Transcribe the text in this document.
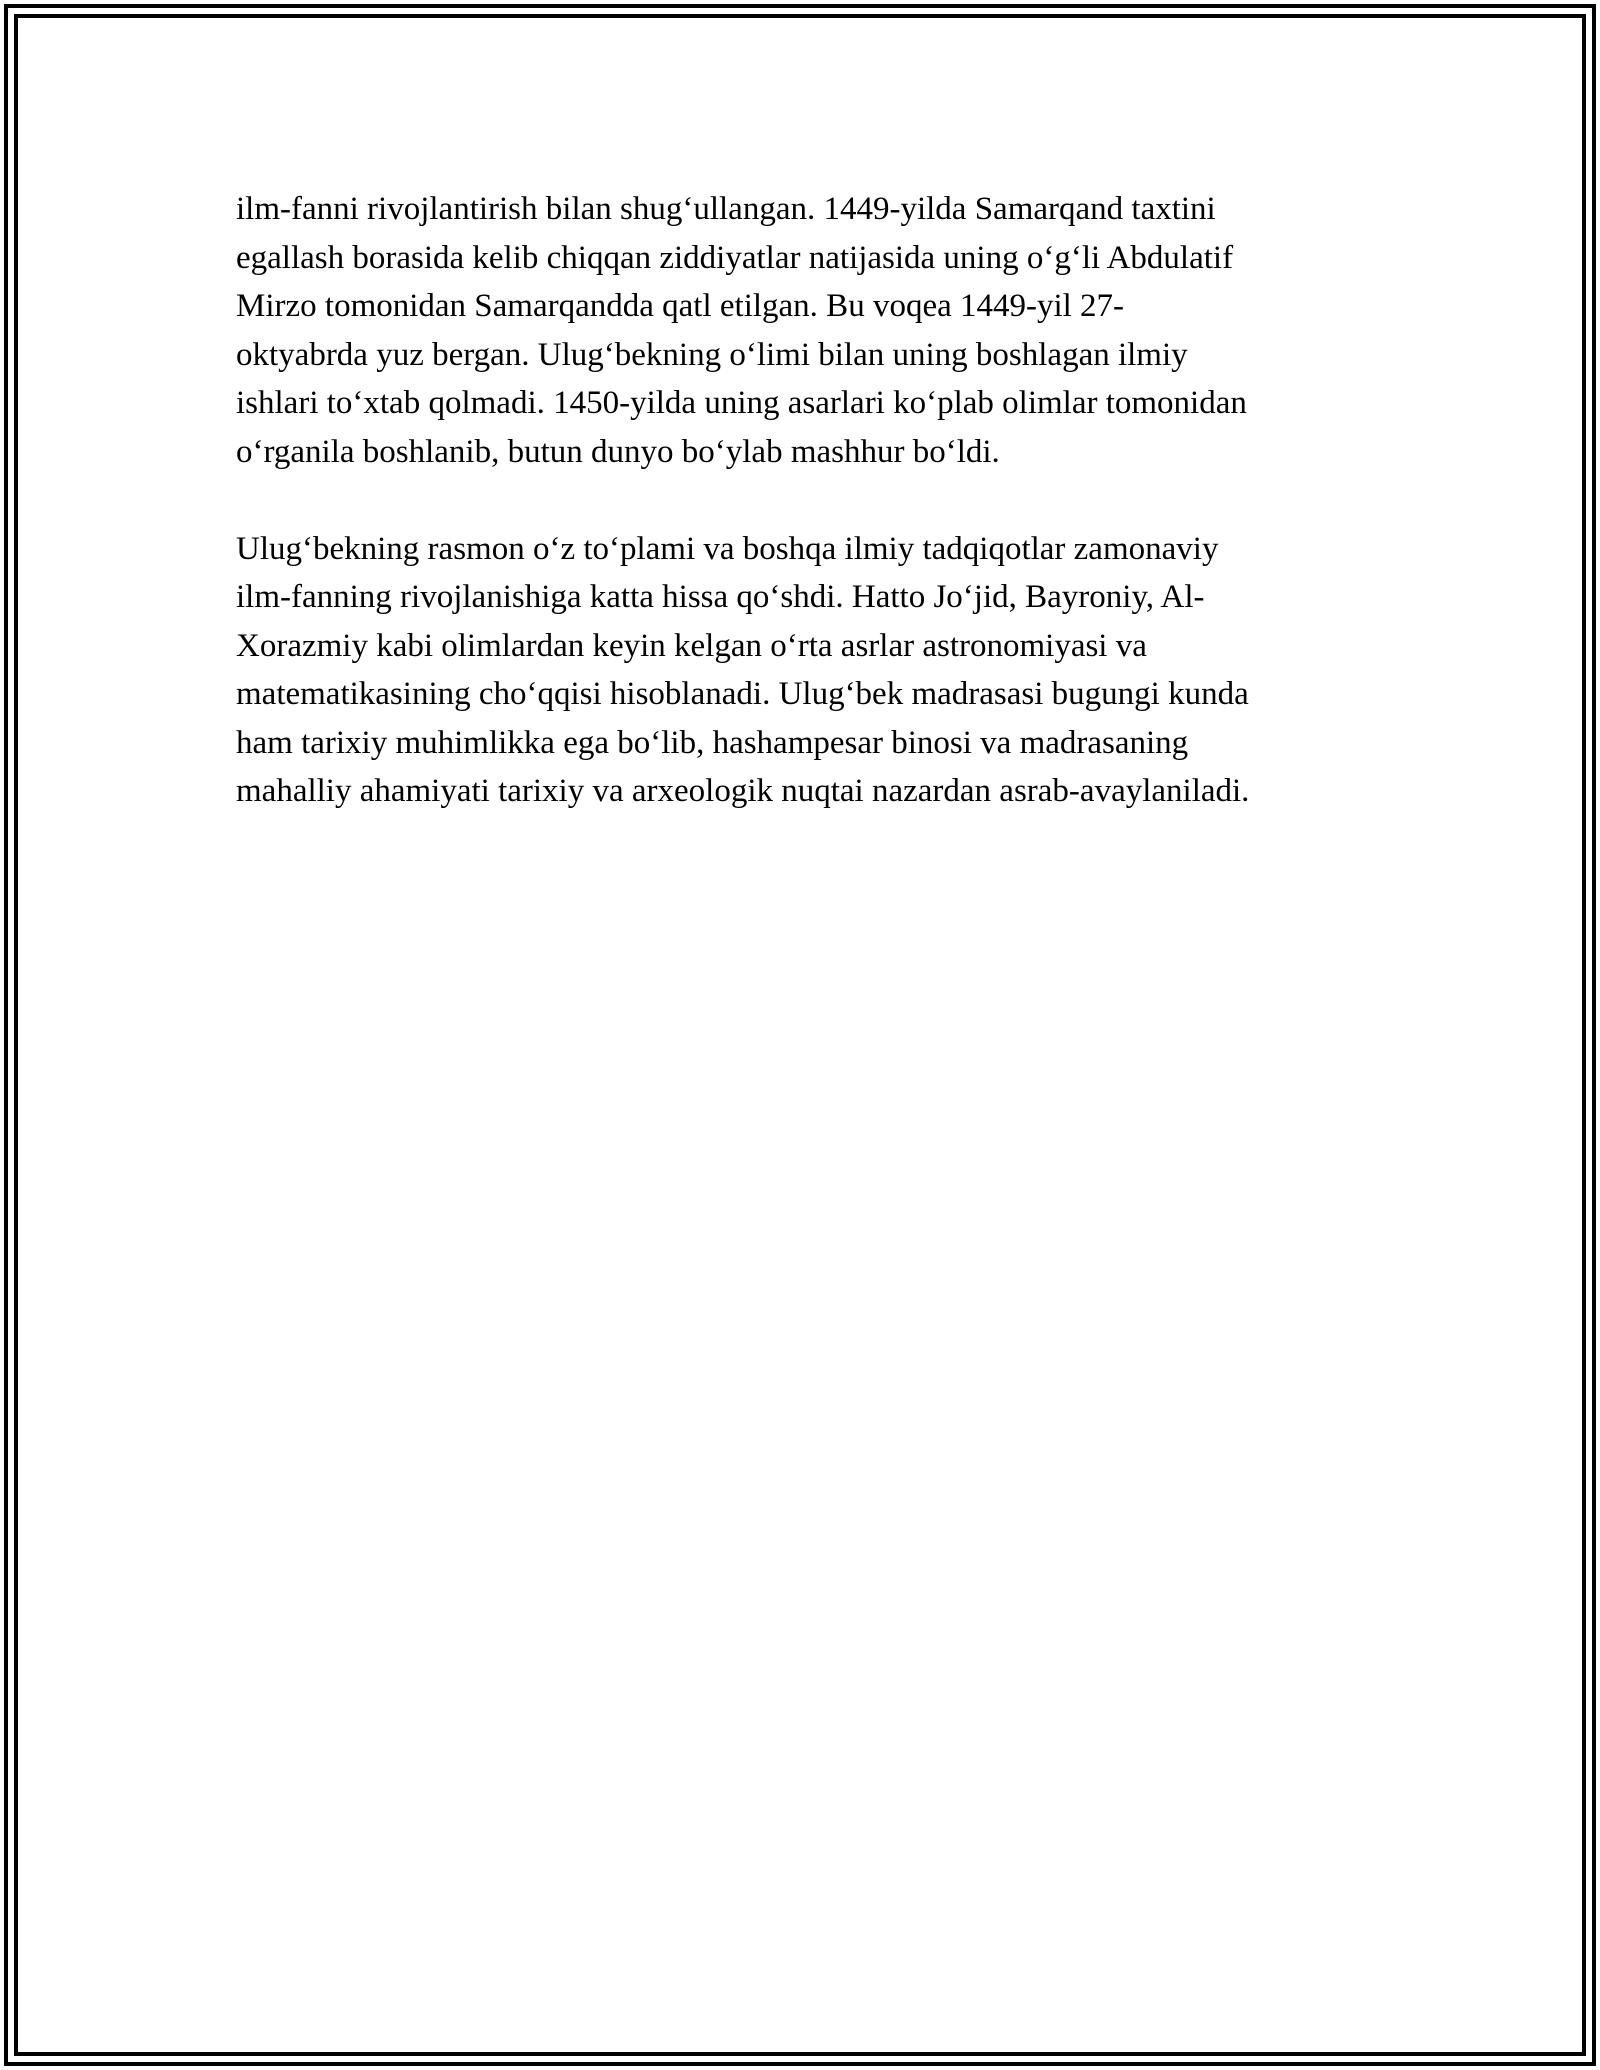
ilm-fanni rivojlantirish bilan shug‘ullangan. 1449-yilda Samarqand taxtini
egallash borasida kelib chiqqan ziddiyatlar natijasida uning o‘g‘li Abdulatif
Mirzo tomonidan Samarqandda qatl etilgan. Bu voqea 1449-yil 27-
oktyabrda yuz bergan. Ulug‘bekning o‘limi bilan uning boshlagan ilmiy
ishlari to‘xtab qolmadi. 1450-yilda uning asarlari ko‘plab olimlar tomonidan
o‘rganila boshlanib, butun dunyo bo‘ylab mashhur bo‘ldi.

Ulug‘bekning rasmon o‘z to‘plami va boshqa ilmiy tadqiqotlar zamonaviy
ilm-fanning rivojlanishiga katta hissa qo‘shdi. Hatto Jo‘jid, Bayroniy, Al-
Xorazmiy kabi olimlardan keyin kelgan o‘rta asrlar astronomiyasi va
matematikasining cho‘qqisi hisoblanadi. Ulug‘bek madrasasi bugungi kunda
ham tarixiy muhimlikka ega bo‘lib, hashampesar binosi va madrasaning
mahalliy ahamiyati tarixiy va arxeologik nuqtai nazardan asrab-avaylaniladi.
